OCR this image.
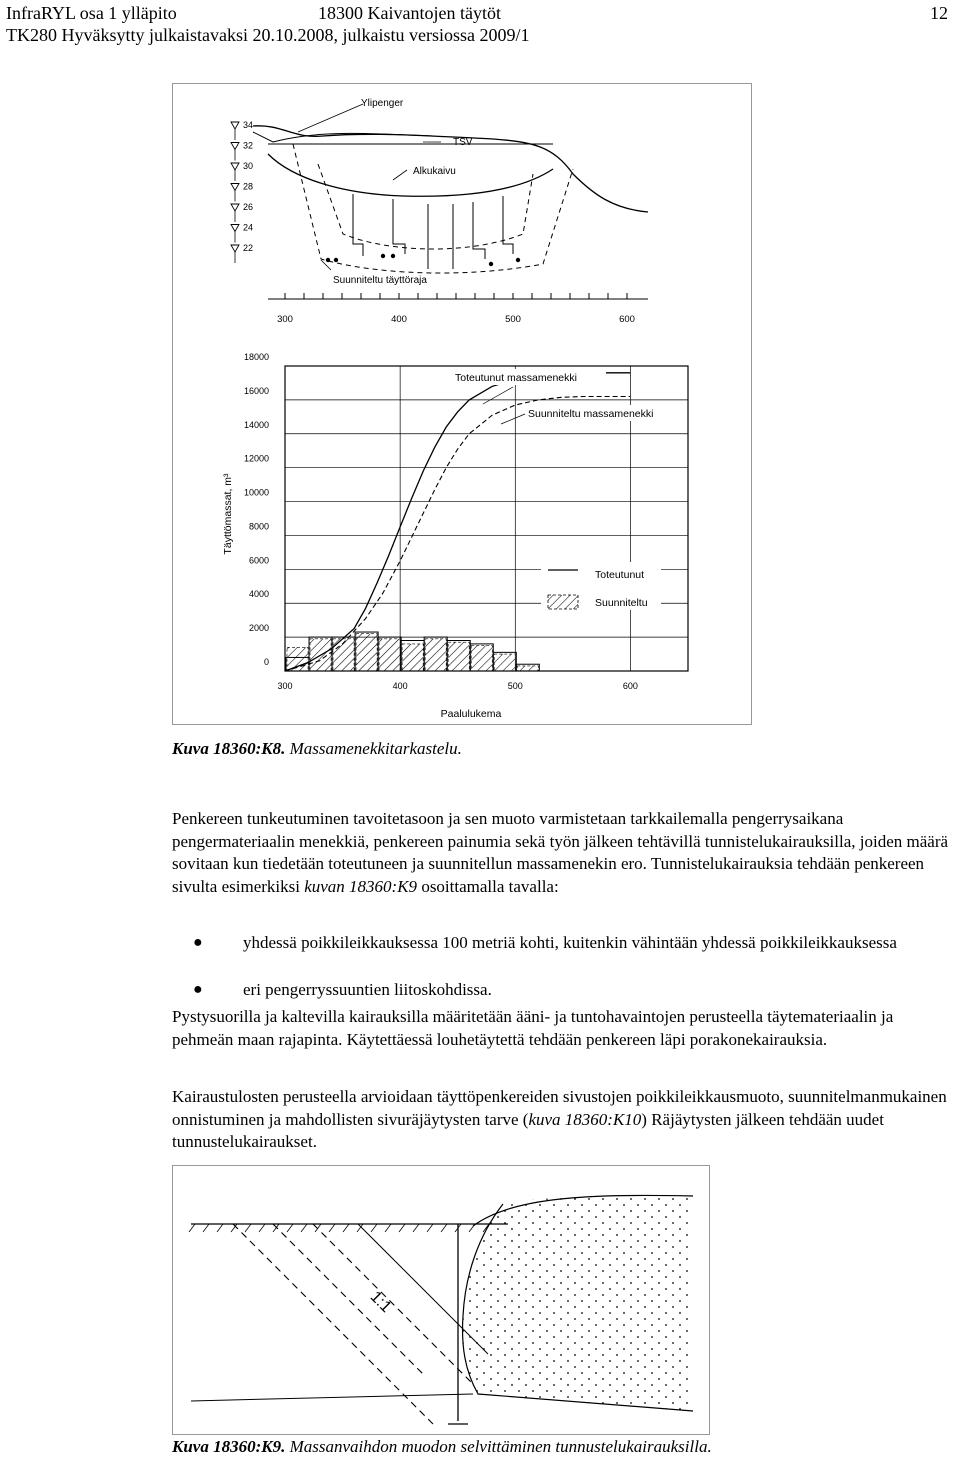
InfraRYL osa 1 ylläpito	18300 Kaivantojen täytöt	12
TK280 Hyväksytty julkaistavaksi 20.10.2008, julkaistu versiossa 2009/1
34
32
30
28
26
24
22
Ylipenger
TSV
Alkukaivu
Suunniteltu täyttöraja
300	400	500	600
0
2000
4000
6000
8000
10000
12000
14000
16000
18000
300	400	500	600
Täyttömassat, m³
Paalulukema
Toteutunut massamenekki
Suunniteltu massamenekki
Toteutunut
Suunniteltu
Kuva 18360:K8. Massamenekkitarkastelu.
Penkereen tunkeutuminen tavoitetasoon ja sen muoto varmistetaan tarkkailemalla pengerrysaikana pengermateriaalin menekkiä, penkereen painumia sekä työn jälkeen tehtävillä tunnistelukairauksilla, joiden määrä sovitaan kun tiedetään toteutuneen ja suunnitellun massamenekin ero. Tunnistelukairauksia tehdään penkereen sivulta esimerkiksi kuvan 18360:K9 osoittamalla tavalla:
● yhdessä poikkileikkauksessa 100 metriä kohti, kuitenkin vähintään yhdessä poikkileikkauksessa
● eri pengerryssuuntien liitoskohdissa.
Pystysuorilla ja kaltevilla kairauksilla määritetään ääni- ja tuntohavaintojen perusteella täytemateriaalin ja pehmeän maan rajapinta. Käytettäessä louhetäytettä tehdään penkereen läpi porakonekairauksia.
Kairaustulosten perusteella arvioidaan täyttöpenkereiden sivustojen poikkileikkausmuoto, suunnitelmanmukainen onnistuminen ja mahdollisten sivuräjäytysten tarve (kuva 18360:K10) Räjäytysten jälkeen tehdään uudet tunnustelukairaukset.
1:1
Kuva 18360:K9. Massanvaihdon muodon selvittäminen tunnustelukairauksilla.
